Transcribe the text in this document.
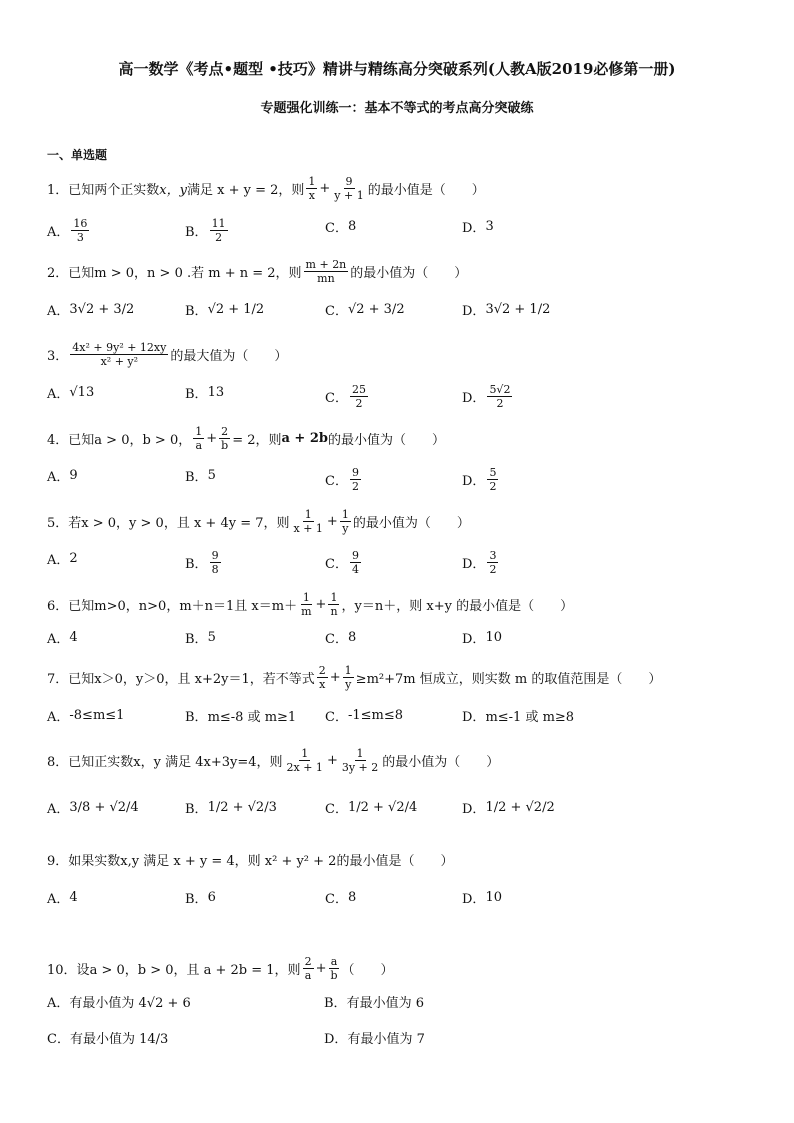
高一数学《考点•题型 •技巧》精讲与精练高分突破系列(人教A版2019必修第一册)
专题强化训练一：基本不等式的考点高分突破练
一、单选题
1． 已知两个正实数 x，y 满足 x + y = 2，则 $\frac{1}{x} + \frac{9}{y + 1}$ 的最小值是（　　）
A． $\frac{16}{3}$	B． $\frac{11}{2}$	C． 8	D． 3
2． 已知 m > 0，n > 0 .若 m + n = 2，则 $\frac{m + 2n}{mn}$ 的最小值为（　　）
A． 3√2 + 3/2	B． √2 + 1/2	C． √2 + 3/2	D． 3√2 + 1/2
3． $\frac{\text{4x² + 9y² + 12xy}}{\text{x² + y²}}$ 的最大值为（　　）
A． √13	B． 13	C． $\frac{25}{2}$	D． $\frac{5√2}{2}$
4． 已知 a > 0，b > 0， $\frac{1}{a} + \frac{2}{b} = 2$，则 a + 2b 的最小值为（　　）
A． 9	B． 5	C． $\frac{9}{2}$	D． $\frac{5}{2}$
5． 若 x > 0，y > 0，且 x + 4y = 7，则 $\frac{1}{x + 1} + \frac{1}{y}$ 的最小值为（　　）
A． 2	B． $\frac{9}{8}$	C． $\frac{9}{4}$	D． $\frac{3}{2}$
6． 已知 m>0，n>0，m＋n＝1且 $x=m+ \frac{1}{m} + \frac{1}{n}$ ，y＝n＋ ，则 x+y 的最小值是（　　）
A． 4	B． 5	C． 8	D． 10
7． 已知 x＞0，y＞0，且 x+2y＝1，若不等式 $\frac{2}{x} + \frac{1}{y} \ge m^2+7m$ 恒成立，则实数 m 的取值范围是（　　）
A． -8≤m≤1	B． m≤-8 或 m≥1 C． -1≤m≤8	D． m≤-1 或 m≥8
8． 已知正实数 x，y 满足 4x+3y=4，则 $\frac{1}{2x + 1} + \frac{1}{3y + 2}$ 的最小值为（　　）
A． 3/8 + √2/4	B． 1/2 + √2/3	C． 1/2 + √2/4	D． 1/2 + √2/2
9． 如果实数 x,y 满足 x + y = 4，则 x² + y² + 2 的最小值是（　　）
A． 4	B． 6	C． 8	D． 10
10． 设 a > 0，b > 0，且 a + 2b = 1，则 $\frac{2}{a} + \frac{a}{b}$ （　　）
A． 有最小值为 4√2 + 6	B． 有最小值为 6
C． 有最小值为 14/3	D． 有最小值为 7
